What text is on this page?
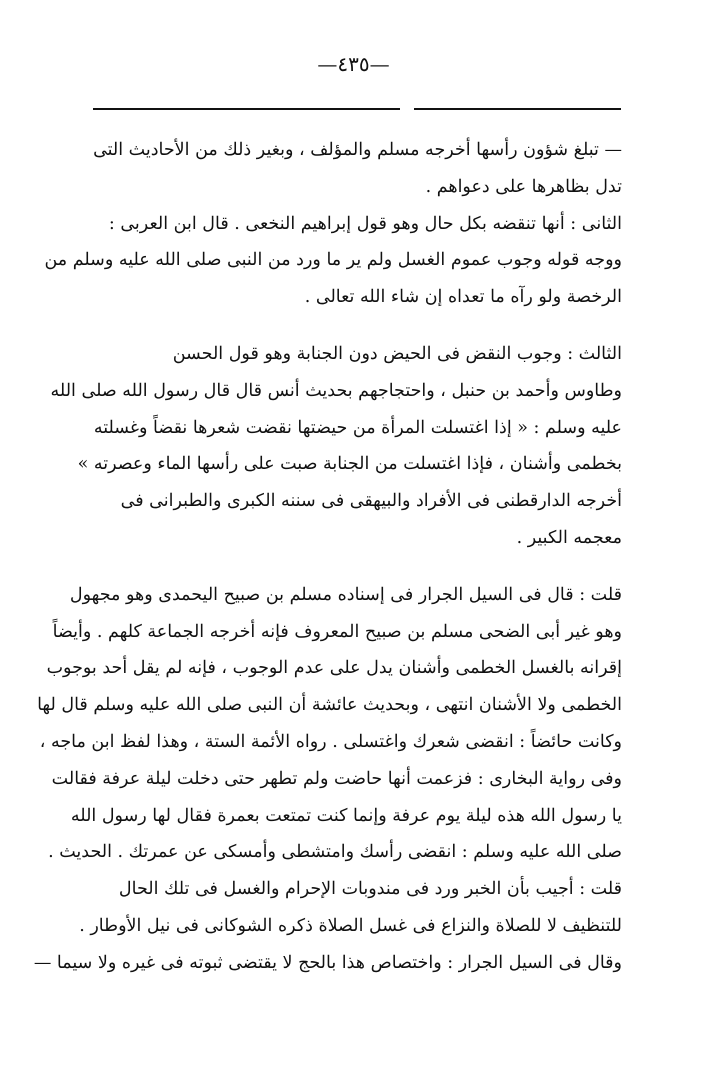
—٤٣٥—

— تبلغ شؤون رأسها أخرجه مسلم والمؤلف ، وبغير ذلك من الأحاديث التى
تدل بظاهرها على دعواهم .

الثانى : أنها تنقضه بكل حال وهو قول إبراهيم النخعى . قال ابن العربى :
ووجه قوله وجوب عموم الغسل ولم ير ما ورد من النبى صلى الله عليه وسلم من
الرخصة ولو رآه ما تعداه إن شاء الله تعالى .

الثالث : وجوب النقض فى الحيض دون الجنابة وهو قول الحسن
وطاوس وأحمد بن حنبل ، واحتجاجهم بحديث أنس قال قال رسول الله صلى الله
عليه وسلم : « إذا اغتسلت المرأة من حيضتها نقضت شعرها نقضاً وغسلته
بخطمى وأشنان ، فإذا اغتسلت من الجنابة صبت على رأسها الماء وعصرته »
أخرجه الدارقطنى فى الأفراد والبيهقى فى سننه الكبرى والطبرانى فى
معجمه الكبير .

قلت : قال فى السيل الجرار فى إسناده مسلم بن صبيح اليحمدى وهو مجهول
وهو غير أبى الضحى مسلم بن صبيح المعروف فإنه أخرجه الجماعة كلهم . وأيضاً
إقرانه بالغسل الخطمى وأشنان يدل على عدم الوجوب ، فإنه لم يقل أحد بوجوب
الخطمى ولا الأشنان انتهى ، وبحديث عائشة أن النبى صلى الله عليه وسلم قال لها
وكانت حائضاً : انقضى شعرك واغتسلى . رواه الأئمة الستة ، وهذا لفظ ابن ماجه ،
وفى رواية البخارى : فزعمت أنها حاضت ولم تطهر حتى دخلت ليلة عرفة فقالت
يا رسول الله هذه ليلة يوم عرفة وإنما كنت تمتعت بعمرة فقال لها رسول الله
صلى الله عليه وسلم : انقضى رأسك وامتشطى وأمسكى عن عمرتك . الحديث .
قلت : أجيب بأن الخبر ورد فى مندوبات الإحرام والغسل فى تلك الحال
للتنظيف لا للصلاة والنزاع فى غسل الصلاة ذكره الشوكانى فى نيل الأوطار .
وقال فى السيل الجرار : واختصاص هذا بالحج لا يقتضى ثبوته فى غيره ولا سيما —
